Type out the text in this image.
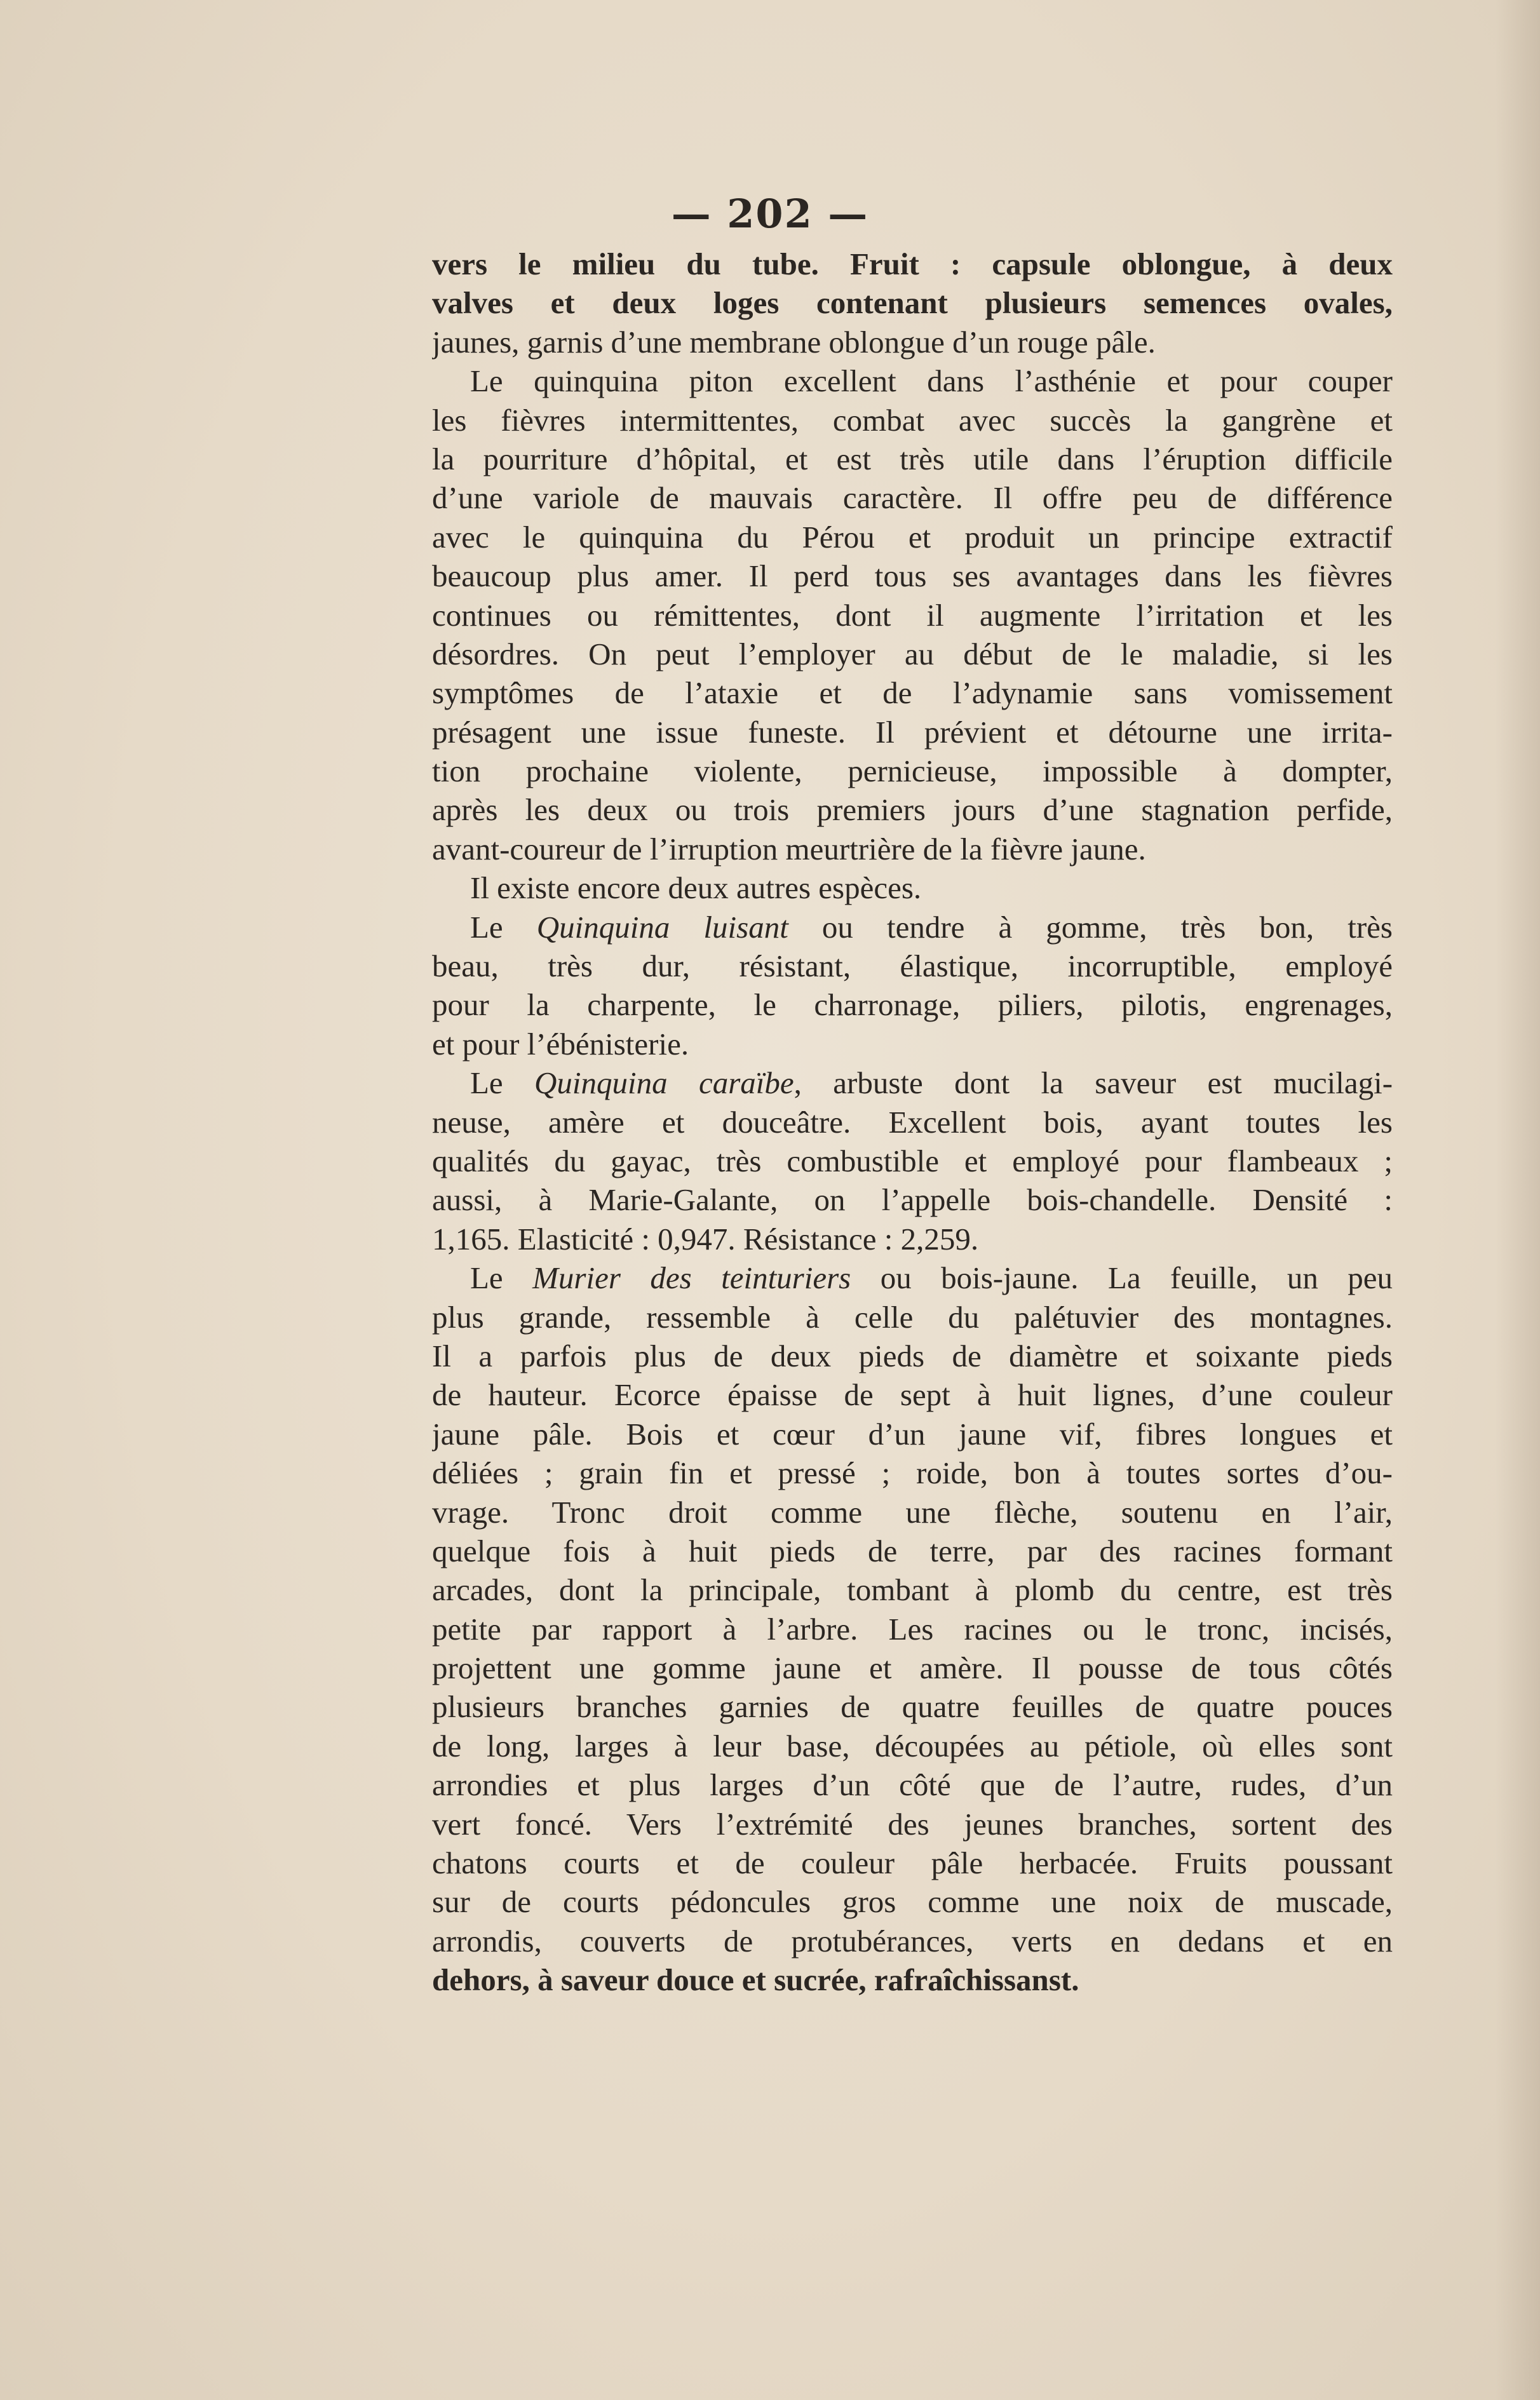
— 202 —
vers le milieu du tube. Fruit : capsule oblongue, à deux
valves et deux loges contenant plusieurs semences ovales,
jaunes, garnis d’une membrane oblongue d’un rouge pâle.
Le quinquina piton excellent dans l’asthénie et pour couper
les fièvres intermittentes, combat avec succès la gangrène et
la pourriture d’hôpital, et est très utile dans l’éruption difficile
d’une variole de mauvais caractère. Il offre peu de différence
avec le quinquina du Pérou et produit un principe extractif
beaucoup plus amer. Il perd tous ses avantages dans les fièvres
continues ou rémittentes, dont il augmente l’irritation et les
désordres. On peut l’employer au début de le maladie, si les
symptômes de l’ataxie et de l’adynamie sans vomissement
présagent une issue funeste. Il prévient et détourne une irrita-
tion prochaine violente, pernicieuse, impossible à dompter,
après les deux ou trois premiers jours d’une stagnation perfide,
avant-coureur de l’irruption meurtrière de la fièvre jaune.
Il existe encore deux autres espèces.
Le Quinquina luisant ou tendre à gomme, très bon, très
beau, très dur, résistant, élastique, incorruptible, employé
pour la charpente, le charronage, piliers, pilotis, engrenages,
et pour l’ébénisterie.
Le Quinquina caraïbe, arbuste dont la saveur est mucilagi-
neuse, amère et douceâtre. Excellent bois, ayant toutes les
qualités du gayac, très combustible et employé pour flambeaux ;
aussi, à Marie-Galante, on l’appelle bois-chandelle. Densité :
1,165. Elasticité : 0,947. Résistance : 2,259.
Le Murier des teinturiers ou bois-jaune. La feuille, un peu
plus grande, ressemble à celle du palétuvier des montagnes.
Il a parfois plus de deux pieds de diamètre et soixante pieds
de hauteur. Ecorce épaisse de sept à huit lignes, d’une couleur
jaune pâle. Bois et cœur d’un jaune vif, fibres longues et
déliées ; grain fin et pressé ; roide, bon à toutes sortes d’ou-
vrage. Tronc droit comme une flèche, soutenu en l’air,
quelque fois à huit pieds de terre, par des racines formant
arcades, dont la principale, tombant à plomb du centre, est très
petite par rapport à l’arbre. Les racines ou le tronc, incisés,
projettent une gomme jaune et amère. Il pousse de tous côtés
plusieurs branches garnies de quatre feuilles de quatre pouces
de long, larges à leur base, découpées au pétiole, où elles sont
arrondies et plus larges d’un côté que de l’autre, rudes, d’un
vert foncé. Vers l’extrémité des jeunes branches, sortent des
chatons courts et de couleur pâle herbacée. Fruits poussant
sur de courts pédoncules gros comme une noix de muscade,
arrondis, couverts de protubérances, verts en dedans et en
dehors, à saveur douce et sucrée, rafraîchissanst.
